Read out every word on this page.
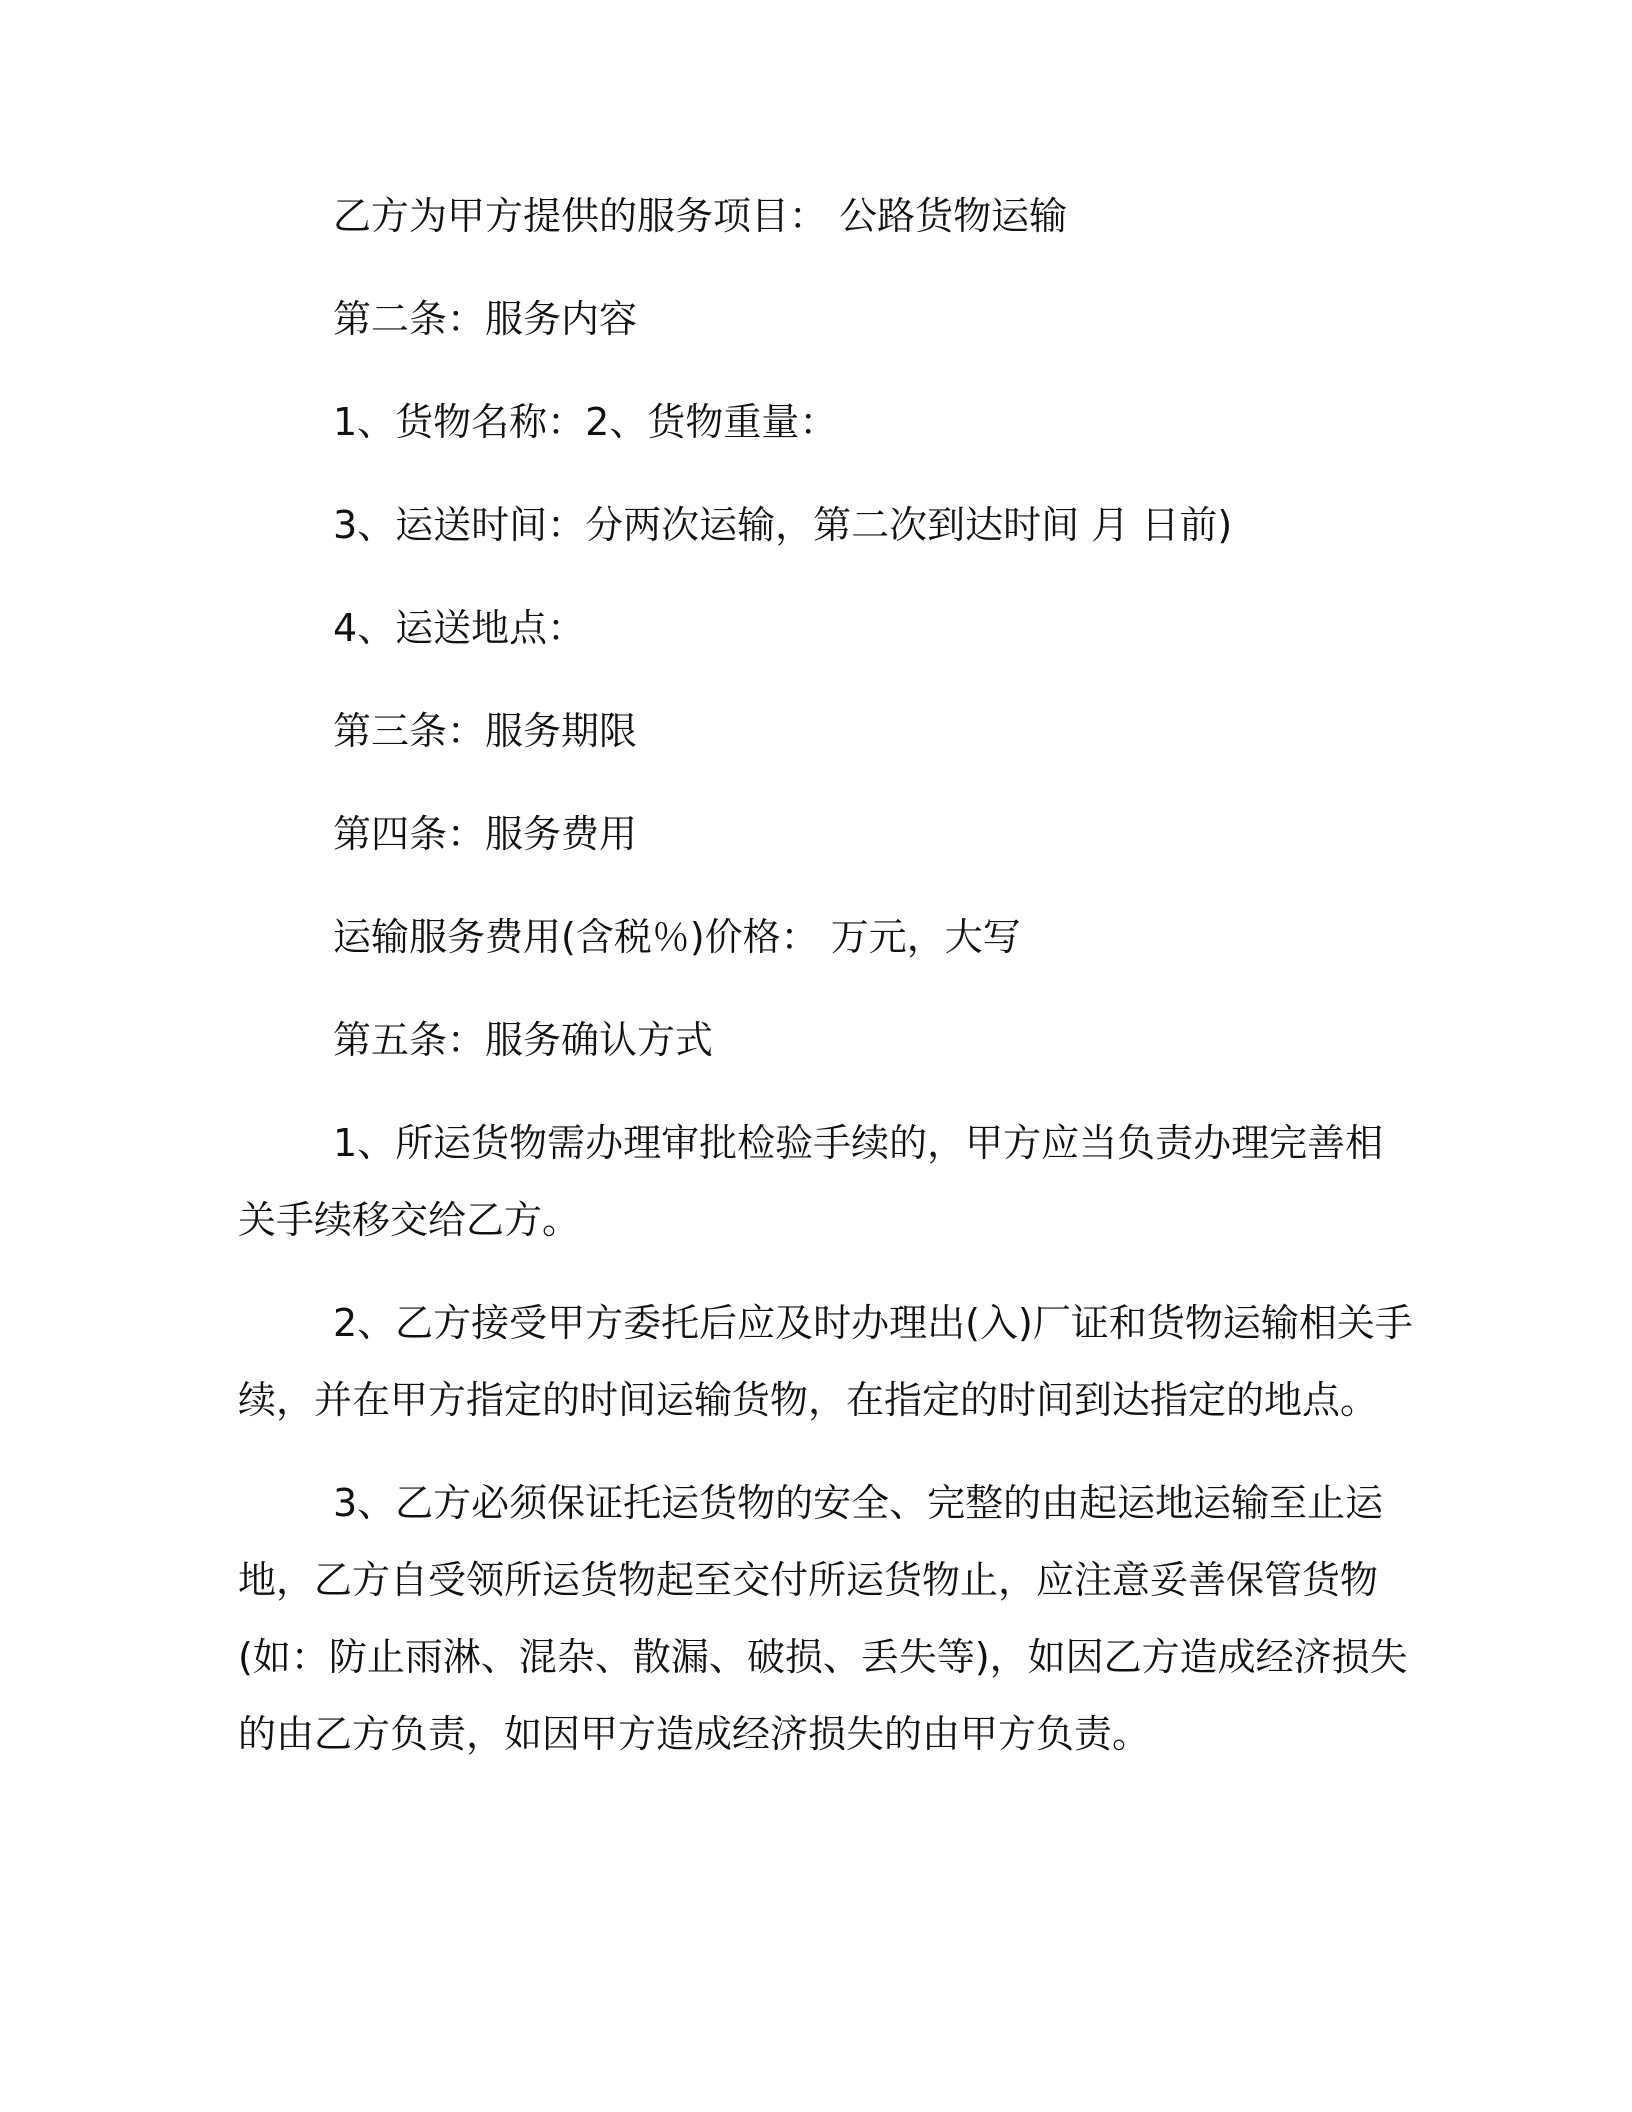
乙方为甲方提供的服务项目： 公路货物运输
第二条：服务内容
1、货物名称：2、货物重量：
3、运送时间：分两次运输，第二次到达时间 月 日前)
4、运送地点：
第三条：服务期限
第四条：服务费用
运输服务费用(含税％)价格： 万元，大写
第五条：服务确认方式
1、所运货物需办理审批检验手续的，甲方应当负责办理完善相
关手续移交给乙方。
2、乙方接受甲方委托后应及时办理出(入)厂证和货物运输相关手
续，并在甲方指定的时间运输货物，在指定的时间到达指定的地点。
3、乙方必须保证托运货物的安全、完整的由起运地运输至止运
地，乙方自受领所运货物起至交付所运货物止，应注意妥善保管货物
(如：防止雨淋、混杂、散漏、破损、丢失等)，如因乙方造成经济损失
的由乙方负责，如因甲方造成经济损失的由甲方负责。
